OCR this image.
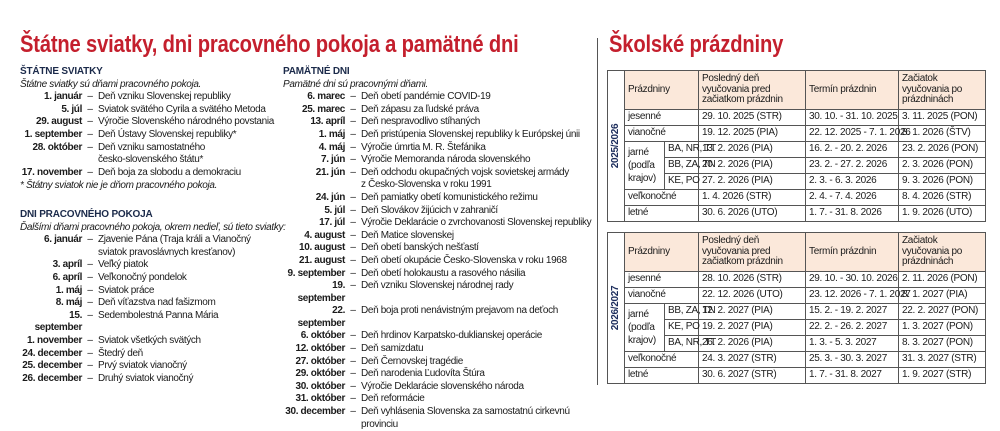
Štátne sviatky, dni pracovného pokoja a pamätné dni	Školské prázdniny
ŠTÁTNE SVIATKY
Štátne sviatky sú dňami pracovného pokoja.
1. január – Deň vzniku Slovenskej republiky
5. júl – Sviatok svätého Cyrila a svätého Metoda
29. august – Výročie Slovenského národného povstania
1. september – Deň Ústavy Slovenskej republiky*
28. október – Deň vzniku samostatného
česko-slovenského štátu*
17. november – Deň boja za slobodu a demokraciu
* Štátny sviatok nie je dňom pracovného pokoja.
DNI PRACOVNÉHO POKOJA
Ďalšími dňami pracovného pokoja, okrem nedieľ, sú tieto sviatky:
6. január – Zjavenie Pána (Traja králi a Vianočný
sviatok pravoslávnych kresťanov)
3. apríl – Veľký piatok
6. apríl – Veľkonočný pondelok
1. máj – Sviatok práce
8. máj – Deň víťazstva nad fašizmom
15. september
– Sedembolestná Panna Mária
1. november – Sviatok všetkých svätých
24. december – Štedrý deň
25. december – Prvý sviatok vianočný
26. december – Druhý sviatok vianočný
PAMÄTNÉ DNI
Pamätné dni sú pracovnými dňami.
6. marec – Deň obetí pandémie COVID-19
25. marec – Deň zápasu za ľudské práva
13. apríl – Deň nespravodlivo stíhaných
1. máj – Deň pristúpenia Slovenskej republiky k Európskej únii
4. máj – Výročie úmrtia M. R. Štefánika
7. jún – Výročie Memoranda národa slovenského
21. jún – Deň odchodu okupačných vojsk sovietskej armády
z Česko-Slovenska v roku 1991
24. jún – Deň pamiatky obetí komunistického režimu
5. júl – Deň Slovákov žijúcich v zahraničí
17. júl – Výročie Deklarácie o zvrchovanosti Slovenskej republiky
4. august – Deň Matice slovenskej
10. august – Deň obetí banských nešťastí
21. august – Deň obetí okupácie Česko-Slovenska v roku 1968
9. september – Deň obetí holokaustu a rasového násilia
19. september
– Deň vzniku Slovenskej národnej rady
22. september
– Deň boja proti nenávistným prejavom na deťoch
6. október – Deň hrdinov Karpatsko-duklianskej operácie
12. október – Deň samizdatu
27. október – Deň Černovskej tragédie
29. október – Deň narodenia Ľudovíta Štúra
30. október – Výročie Deklarácie slovenského národa
31. október – Deň reformácie
30. december – Deň vyhlásenia Slovenska za samostatnú cirkevnú
provinciu
2025/2026	Prázdniny		Posledný deň vyučovania pred začiatkom prázdnin	Termín prázdnin	Začiatok vyučovania po prázdninách
	jesenné		29. 10. 2025 (STR)	30. 10. - 31. 10. 2025	3. 11. 2025 (PON)
	vianočné		19. 12. 2025 (PIA)	22. 12. 2025 - 7. 1. 2026	8. 1. 2026 (ŠTV)
	jarné
(podľa
krajov)	BA, NR, TT	13. 2. 2026 (PIA)	16. 2. - 20. 2. 2026	23. 2. 2026 (PON)
		BB, ZA, TN	20. 2. 2026 (PIA)	23. 2. - 27. 2. 2026	2. 3. 2026 (PON)
		KE, PO	27. 2. 2026 (PIA)	2. 3. - 6. 3. 2026	9. 3. 2026 (PON)
	veľkonočné		1. 4. 2026 (STR)	2. 4. - 7. 4. 2026	8. 4. 2026 (STR)
	letné		30. 6. 2026 (UTO)	1. 7. - 31. 8. 2026	1. 9. 2026 (UTO)
2026/2027	Prázdniny		Posledný deň vyučovania pred začiatkom prázdnin	Termín prázdnin	Začiatok vyučovania po prázdninách
	jesenné		28. 10. 2026 (STR)	29. 10. - 30. 10. 2026	2. 11. 2026 (PON)
	vianočné		22. 12. 2026 (UTO)	23. 12. 2026 - 7. 1. 2027	8. 1. 2027 (PIA)
	jarné
(podľa
krajov)	BB, ZA, TN	12. 2. 2027 (PIA)	15. 2. - 19. 2. 2027	22. 2. 2027 (PON)
		KE, PO	19. 2. 2027 (PIA)	22. 2. - 26. 2. 2027	1. 3. 2027 (PON)
		BA, NR, TT	26. 2. 2026 (PIA)	1. 3. - 5. 3. 2027	8. 3. 2027 (PON)
	veľkonočné		24. 3. 2027 (STR)	25. 3. - 30. 3. 2027	31. 3. 2027 (STR)
	letné		30. 6. 2027 (STR)	1. 7. - 31. 8. 2027	1. 9. 2027 (STR)
